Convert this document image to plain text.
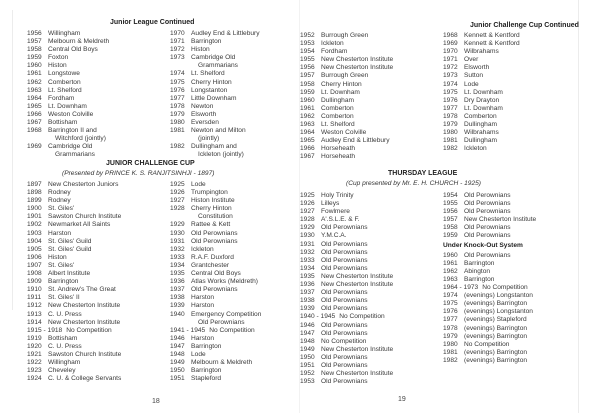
Junior League Continued
1956 Willingham
1957 Melbourn & Meldreth
1958 Central Old Boys
1959 Foxton
1960 Histon
1961 Longstowe
1962 Comberton
1963 Lt. Shelford
1964 Fordham
1965 Lt. Downham
1966 Weston Colville
1967 Bottisham
1968 Barrington II and
Witchford (jointly)
1969 Cambridge Old
Grammarians
1970 Audley End & Littlebury
1971 Barrington
1972 Histon
1973 Cambridge Old
Grammarians
1974 Lt. Shelford
1975 Cherry Hinton
1976 Longstanton
1977 Little Downham
1978 Newton
1979 Elsworth
1980 Eversden
1981 Newton and Milton
(jointly)
1982 Dullingham and
Ickleton (jointly)
JUNIOR CHALLENGE CUP
(Presented by PRINCE K. S. RANJITSINHJI - 1897)
1897 New Chesterton Juniors
1898 Rodney
1899 Rodney
1900 St. Giles'
1901 Sawston Church Institute
1902 Newmarket All Saints
1903 Harston
1904 St. Giles' Guild
1905 St. Giles' Guild
1906 Histon
1907 St. Giles'
1908 Albert Institute
1909 Barrington
1910 St. Andrew's The Great
1911	St. Giles' II
1912 New Chesterton Institute
1913 C. U. Press
1914 New Chesterton Institute
1915 - 1918 No Competition
1919 Bottisham
1920 C. U. Press
1921 Sawston Church Institute
1922 Willingham
1923 Cheveley
1924 C. U. & College Servants
1925 Lode
1926 Trumpington
1927 Histon Institute
1928 Cherry Hinton
Constitution
1929 Rattee & Kett
1930 Old Perownians
1931 Old Perownians
1932 Ickleton
1933 R.A.F. Duxford
1934 Grantchester
1935 Central Old Boys
1936 Atlas Works (Meldreth)
1937 Old Perownians
1938 Harston
1939 Harston
1940 Emergency Competition
Old Perownians
1941 - 1945 No Competition
1946 Harston
1947 Barrington
1948 Lode
1949 Melbourn & Meldreth
1950 Barrington
1951 Stapleford
18
Junior Challenge Cup Continued
1952 Burrough Green
1953 Ickleton
1954 Fordham
1955 New Chesterton Institute
1956 New Chesterton Institute
1957 Burrough Green
1958 Cherry Hinton
1959 Lt. Downham
1960 Dullingham
1961 Comberton
1962 Comberton
1963 Lt. Shelford
1964 Weston Colville
1965 Audley End & Littlebury
1966 Horseheath
1967 Horseheath
1968 Kennett & Kentford
1969 Kennett & Kentford
1970 Wilbrahams
1971 Over
1972 Elsworth
1973 Sutton
1974 Lode
1975 Lt. Downham
1976 Dry Drayton
1977 Lt. Downham
1978 Comberton
1979 Dullingham
1980 Wilbrahams
1981 Dullingham
1982 Ickleton
THURSDAY LEAGUE
(Cup presented by Mr. E. H. CHURCH - 1925)
1925 Holy Trinity
1926 Lilleys
1927 Fowlmere
1928 A'.S.L.E. & F.
1929 Old Perownians
1930 Y.M.C.A.
1931 Old Perownians
1932 Old Perownians
1933 Old Perownians
1934 Old Perownians
1935 New Chesterton Institute
1936 New Chesterton Institute
1937 Old Perownians
1938 Old Perownians
1939 Old Perownians
1940 - 1945 No Competition
1946 Old Perownians
1947 Old Perownians
1948 No Competition
1949 New Chesterton Institute
1950 Old Perownians
1951 Old Perownians
1952 New Chesterton Institute
1953 Old Perownians
1954 Old Perownians
1955 Old Perownians
1956 Old Perownians
1957 New Chesterton Institute
1958 Old Perownians
1959 Old Perownians
Under Knock-Out System
1960 Old Perownians
1961 Barrington
1962 Abington
1963 Barrington
1964 - 1973 No Competition
1974 (evenings) Longstanton
1975 (evenings) Barrington
1976 (evenings) Longstanton
1977 (evenings) Stapleford
1978 (evenings) Barrington
1979 (evenings) Barrington
1980 No Competition
1981 (evenings) Barrington
1982 (evenings) Barrington
19
